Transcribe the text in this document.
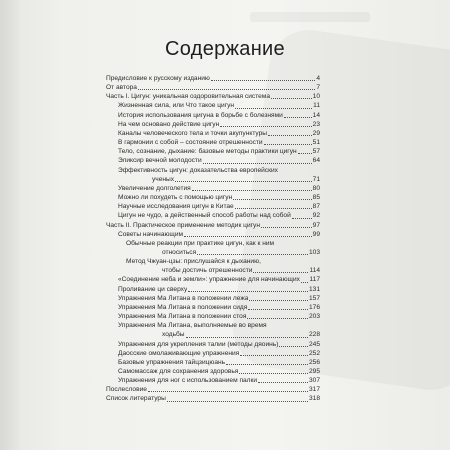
Содержание
Предисловие к русскому изданию	4
От автора	7
Часть I. Цигун: уникальная оздоровительная система	10
Жизненная сила, или Что такое цигун	11
История использования цигуна в борьбе с болезнями	14
На чем основано действие цигун	23
Каналы человеческого тела и точки акупунктуры	29
В гармонии с собой – состояние отрешенности	51
Тело, сознание, дыхание: базовые методы практики цигун 57
Эликсир вечной молодости	64
Эффективность цигун: доказательства европейских
ученых	71
Увеличение долголетия	80
Можно ли похудеть с помощью цигун	85
Научные исследования цигун в Китае	87
Цигун не чудо, а действенный способ работы над собой	92
Часть II. Практическое применение методик цигун	97
Советы начинающим	99
Обычные реакции при практике цигун, как к ним
относиться	103
Метод Чжуан-цзы: прислушайся к дыханию,
чтобы достичь отрешенности	114
«Соединение неба и земли»: упражнение для начинающих 117
Проливание ци сверху	131
Упражнения Ма Литана в положении лежа	157
Упражнения Ма Литана в положении сидя	176
Упражнения Ма Литана в положении стоя	203
Упражнения Ма Литана, выполняемые во время
ходьбы	228
Упражнения для укрепления талии (методы дяоинь)	245
Даосские омолаживающие упражнения	252
Базовые упражнения тайцзицюань	256
Самомассаж для сохранения здоровья	295
Упражнения для ног с использованием палки	307
Послесловие	317
Список литературы	318
